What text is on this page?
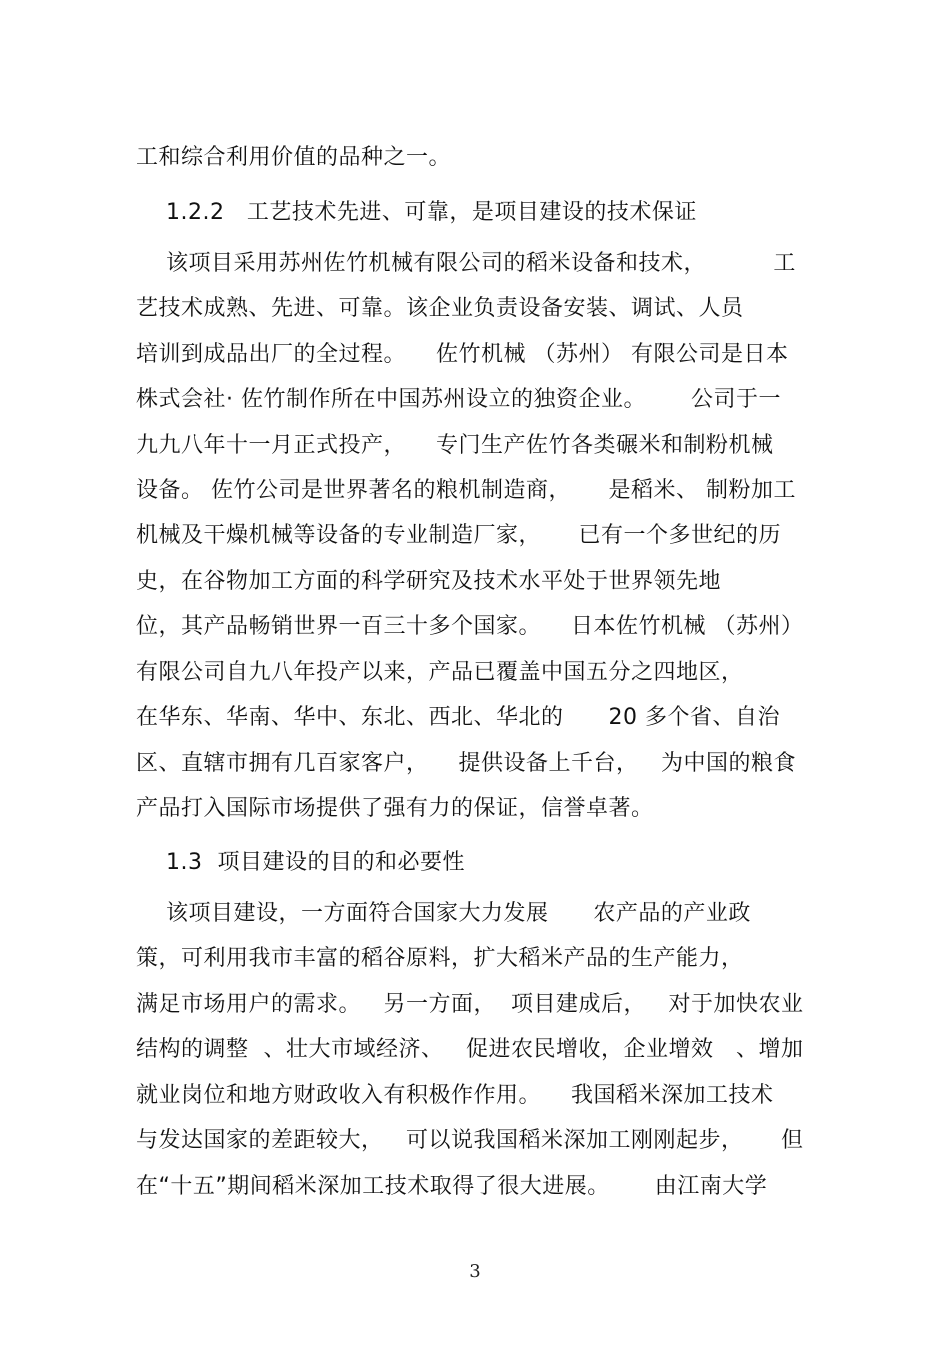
工和综合利用价值的品种之一。
1.2.2   工艺技术先进、可靠，是项目建设的技术保证
该项目采用苏州佐竹机械有限公司的稻米设备和技术，         工
艺技术成熟、先进、可靠。该企业负责设备安装、调试、人员
培训到成品出厂的全过程。    佐竹机械 （苏州） 有限公司是日本
株式会社· 佐竹制作所在中国苏州设立的独资企业。      公司于一
九九八年十一月正式投产，    专门生产佐竹各类碾米和制粉机械
设备。 佐竹公司是世界著名的粮机制造商，     是稻米、 制粉加工
机械及干燥机械等设备的专业制造厂家，     已有一个多世纪的历
史，在谷物加工方面的科学研究及技术水平处于世界领先地
位，其产品畅销世界一百三十多个国家。    日本佐竹机械 （苏州）
有限公司自九八年投产以来，产品已覆盖中国五分之四地区，
在华东、华南、华中、东北、西北、华北的      20 多个省、自治
区、直辖市拥有几百家客户，    提供设备上千台，   为中国的粮食
产品打入国际市场提供了强有力的保证，信誉卓著。
1.3  项目建设的目的和必要性
该项目建设，一方面符合国家大力发展      农产品的产业政
策，可利用我市丰富的稻谷原料，扩大稻米产品的生产能力，
满足市场用户的需求。   另一方面，  项目建成后，   对于加快农业
结构的调整  、壮大市域经济、   促进农民增收，企业增效   、增加
就业岗位和地方财政收入有积极作作用。    我国稻米深加工技术
与发达国家的差距较大，   可以说我国稻米深加工刚刚起步，     但
在“十五”期间稻米深加工技术取得了很大进展。      由江南大学
3
